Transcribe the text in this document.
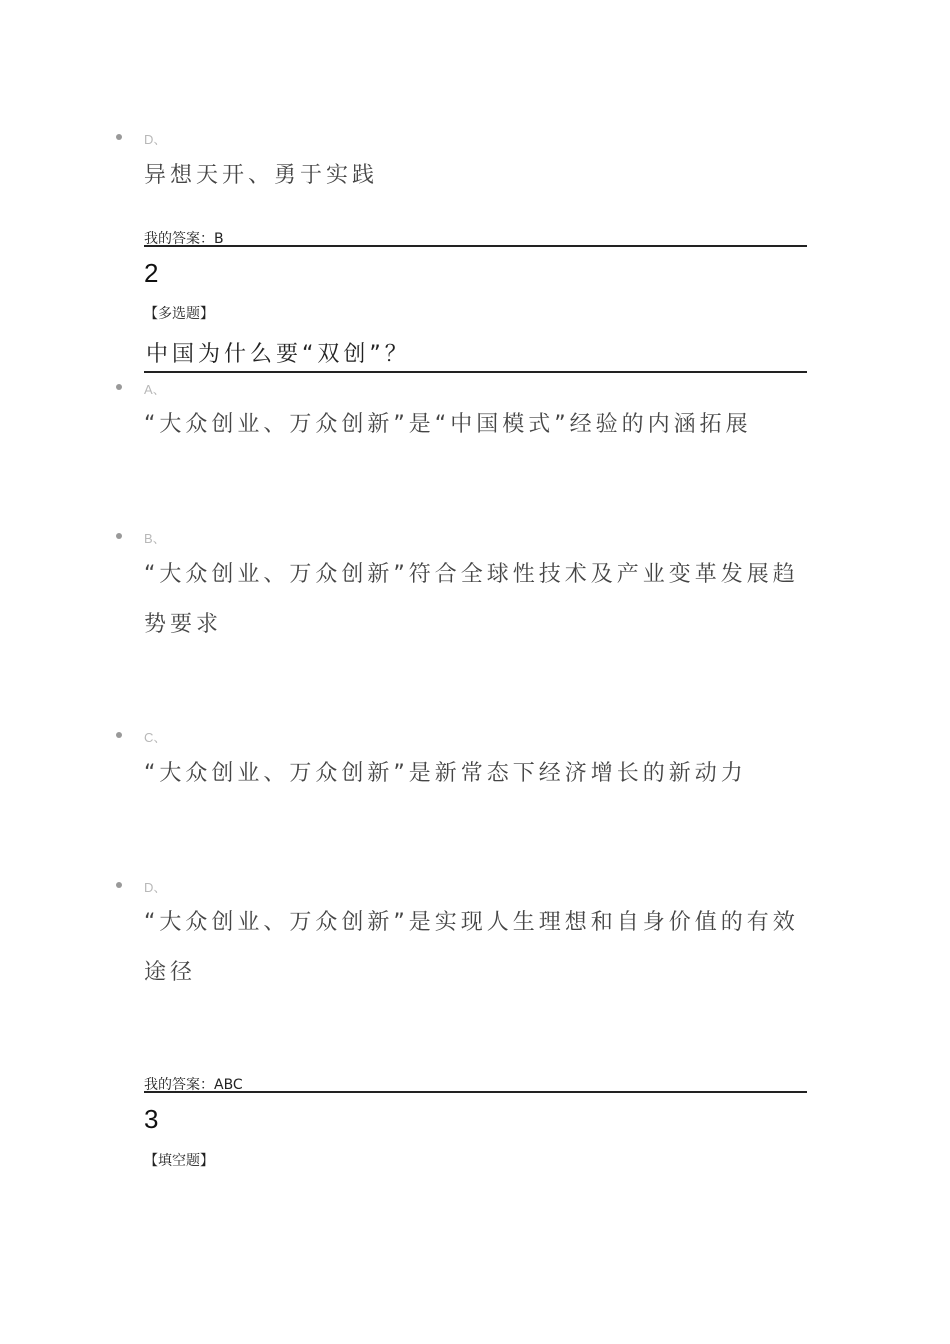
D、
异想天开、勇于实践
我的答案：B
2
【多选题】
中国为什么要“双创”？
A、
“大众创业、万众创新”是“中国模式”经验的内涵拓展
B、
“大众创业、万众创新”符合全球性技术及产业变革发展趋势要求
C、
“大众创业、万众创新”是新常态下经济增长的新动力
D、
“大众创业、万众创新”是实现人生理想和自身价值的有效途径
我的答案：ABC
3
【填空题】
